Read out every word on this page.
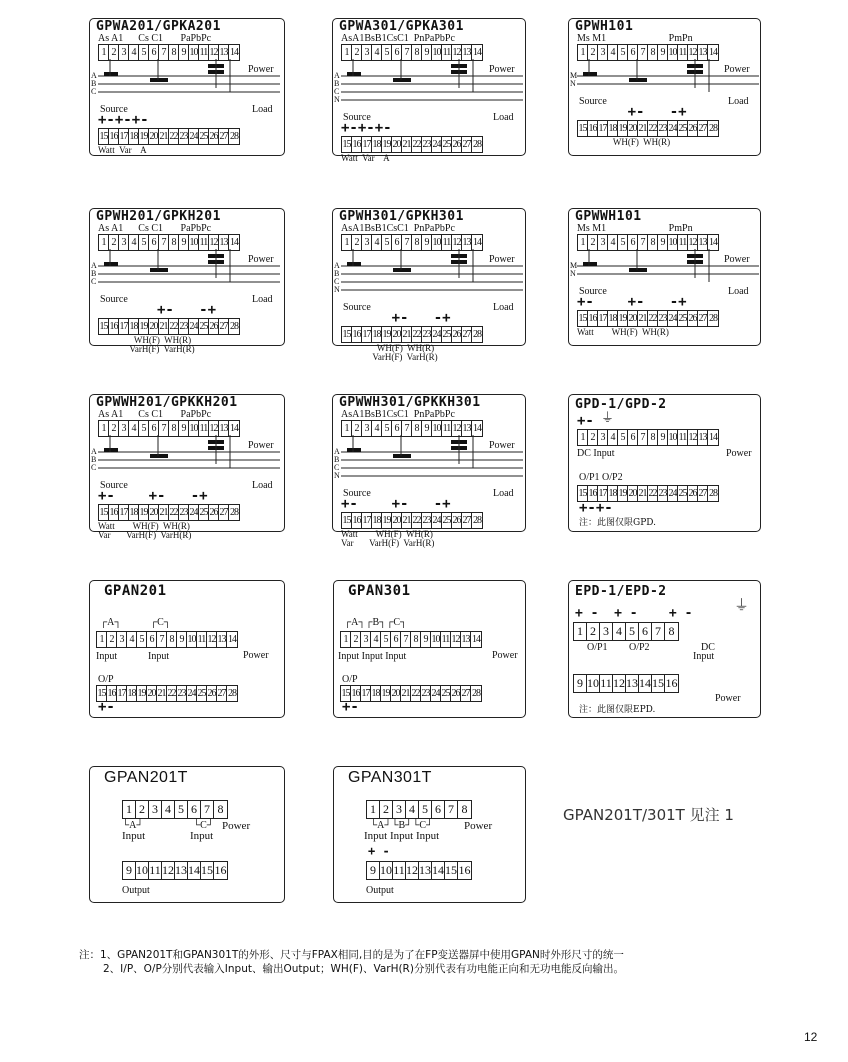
GPWA201/GPKA201
As A1      Cs C1       PaPbPc
1 2 3 4 5 6 7 8 9 10 11 12 13 14
Power
A
B
C
Source	Load
+-+-+-
15 16 17 18 19 20 21 22 23 24 25 26 27 28
Watt  Var    A
GPWA301/GPKA301
AsA1BsB1CsC1  PnPaPbPc
1 2 3 4 5 6 7 8 9 10 11 12 13 14
Power
A
B
C
N
Source	Load
+-+-+-
15 16 17 18 19 20 21 22 23 24 25 26 27 28
Watt  Var    A
GPWH101
Ms M1                         PmPn
1 2 3 4 5 6 7 8 9 10 11 12 13 14
Power
M
N
Source	Load
+-   -+
15 16 17 18 19 20 21 22 23 24 25 26 27 28
WH(F)  WH(R)
GPWH201/GPKH201
As A1      Cs C1       PaPbPc
1 2 3 4 5 6 7 8 9 10 11 12 13 14
Power
A
B
C
Source	Load
+-   -+
15 16 17 18 19 20 21 22 23 24 25 26 27 28
WH(F)  WH(R)
VarH(F)  VarH(R)
GPWH301/GPKH301
AsA1BsB1CsC1  PnPaPbPc
1 2 3 4 5 6 7 8 9 10 11 12 13 14
Power
A
B
C
N
Source	Load
+-   -+
15 16 17 18 19 20 21 22 23 24 25 26 27 28
WH(F)  WH(R)
VarH(F)  VarH(R)
GPWWH101
Ms M1                         PmPn
1 2 3 4 5 6 7 8 9 10 11 12 13 14
Power
M
N
Source	Load
+-    +-   -+
15 16 17 18 19 20 21 22 23 24 25 26 27 28
Watt        WH(F)  WH(R)
GPWWH201/GPKKH201
As A1      Cs C1       PaPbPc
1 2 3 4 5 6 7 8 9 10 11 12 13 14
Power
A
B
C
Source	Load
+-    +-   -+
15 16 17 18 19 20 21 22 23 24 25 26 27 28
Watt        WH(F)  WH(R)
Var       VarH(F)  VarH(R)
GPWWH301/GPKKH301
AsA1BsB1CsC1  PnPaPbPc
1 2 3 4 5 6 7 8 9 10 11 12 13 14
Power
A
B
C
N
Source	Load
+-    +-   -+
15 16 17 18 19 20 21 22 23 24 25 26 27 28
Watt        WH(F)  WH(R)
Var       VarH(F)  VarH(R)
GPD-1/GPD-2
+- ⏚
1 2 3 4 5 6 7 8 9 10 11 12 13 14
DC Input	Power
O/P1 O/P2
15 16 17 18 19 20 21 22 23 24 25 26 27 28
+-+-
注：此图仅限GPD.
GPAN201
┌A┐	┌C┐
1 2 3 4 5 6 7 8 9 10 11 12 13 14
Input	Input	Power
O/P
15 16 17 18 19 20 21 22 23 24 25 26 27 28
+-
GPAN301
┌A┐┌B┐┌C┐
1 2 3 4 5 6 7 8 9 10 11 12 13 14
Input Input Input	Power
O/P
15 16 17 18 19 20 21 22 23 24 25 26 27 28
+-
EPD-1/EPD-2
+ -  + -    + -	⏚
1 2 3 4 5 6 7 8
O/P1 O/P2	DC
Input
9 10 11 12 13 14 15 16
Power
注：此图仅限EPD.
GPAN201T
1 2 3 4 5 6 7 8
└A┘	└C┘ Power
Input	Input
9 10 11 12 13 14 15 16
Output
GPAN301T
1 2 3 4 5 6 7 8
└A┘└B┘└C┘	Power
Input Input Input
+ -
9 10 11 12 13 14 15 16
Output
GPAN201T/301T 见注 1
注：1、GPAN201T和GPAN301T的外形、尺寸与FPAX相同,目的是为了在FP变送器屏中使用GPAN时外形尺寸的统一
2、I/P、O/P分别代表输入Input、输出Output；WH(F)、VarH(R)分别代表有功电能正向和无功电能反向输出。
12
